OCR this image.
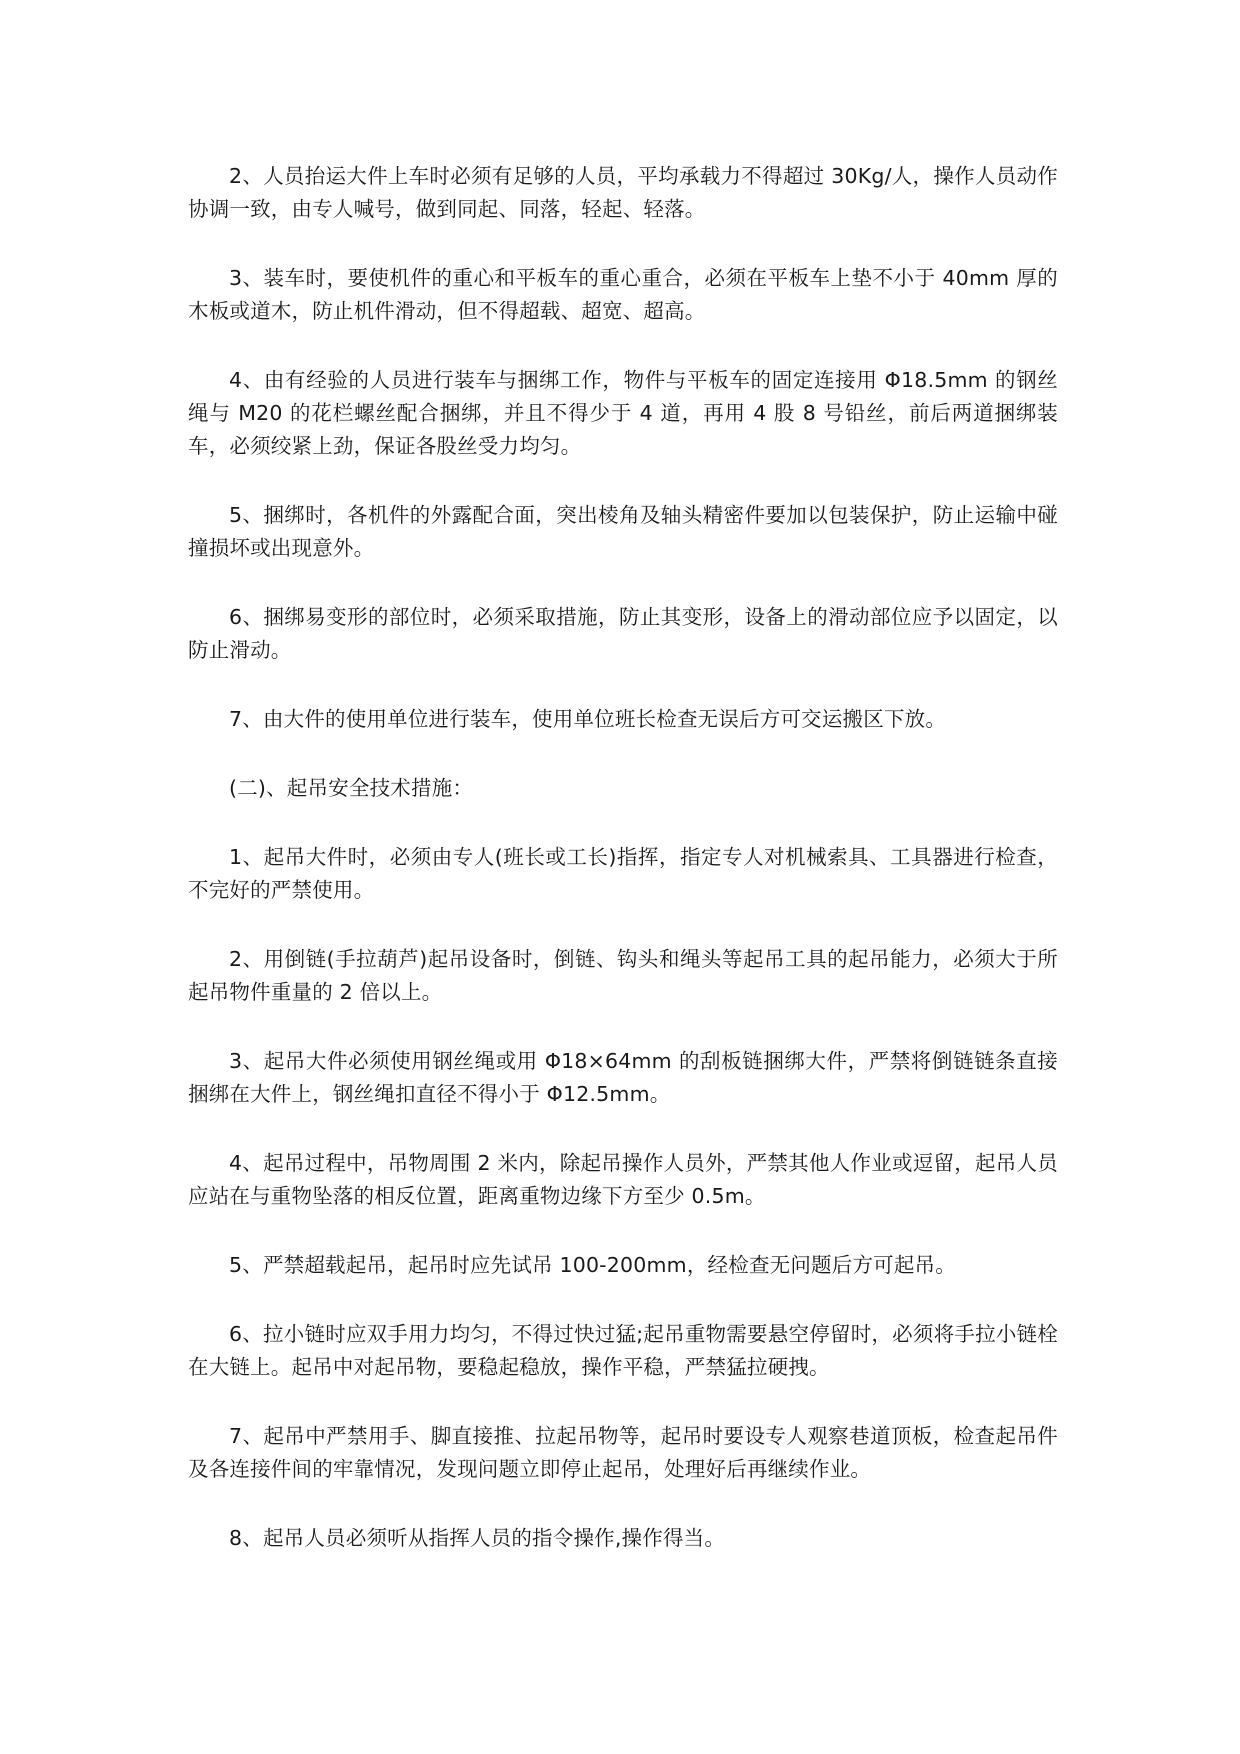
2、人员抬运大件上车时必须有足够的人员，平均承载力不得超过 30Kg/人，操作人员动作协调一致，由专人喊号，做到同起、同落，轻起、轻落。

3、装车时，要使机件的重心和平板车的重心重合，必须在平板车上垫不小于 40mm 厚的木板或道木，防止机件滑动，但不得超载、超宽、超高。

4、由有经验的人员进行装车与捆绑工作，物件与平板车的固定连接用 Φ18.5mm 的钢丝绳与 M20 的花栏螺丝配合捆绑，并且不得少于 4 道，再用 4 股 8 号铅丝，前后两道捆绑装车，必须绞紧上劲，保证各股丝受力均匀。

5、捆绑时，各机件的外露配合面，突出棱角及轴头精密件要加以包装保护，防止运输中碰撞损坏或出现意外。

6、捆绑易变形的部位时，必须采取措施，防止其变形，设备上的滑动部位应予以固定，以防止滑动。

7、由大件的使用单位进行装车，使用单位班长检查无误后方可交运搬区下放。

(二)、起吊安全技术措施：

1、起吊大件时，必须由专人(班长或工长)指挥，指定专人对机械索具、工具器进行检查，不完好的严禁使用。

2、用倒链(手拉葫芦)起吊设备时，倒链、钩头和绳头等起吊工具的起吊能力，必须大于所起吊物件重量的 2 倍以上。

3、起吊大件必须使用钢丝绳或用 Φ18×64mm 的刮板链捆绑大件，严禁将倒链链条直接捆绑在大件上，钢丝绳扣直径不得小于 Φ12.5mm。

4、起吊过程中，吊物周围 2 米内，除起吊操作人员外，严禁其他人作业或逗留，起吊人员应站在与重物坠落的相反位置，距离重物边缘下方至少 0.5m。

5、严禁超载起吊，起吊时应先试吊 100-200mm，经检查无问题后方可起吊。

6、拉小链时应双手用力均匀，不得过快过猛;起吊重物需要悬空停留时，必须将手拉小链栓在大链上。起吊中对起吊物，要稳起稳放，操作平稳，严禁猛拉硬拽。

7、起吊中严禁用手、脚直接推、拉起吊物等，起吊时要设专人观察巷道顶板，检查起吊件及各连接件间的牢靠情况，发现问题立即停止起吊，处理好后再继续作业。

8、起吊人员必须听从指挥人员的指令操作,操作得当。
